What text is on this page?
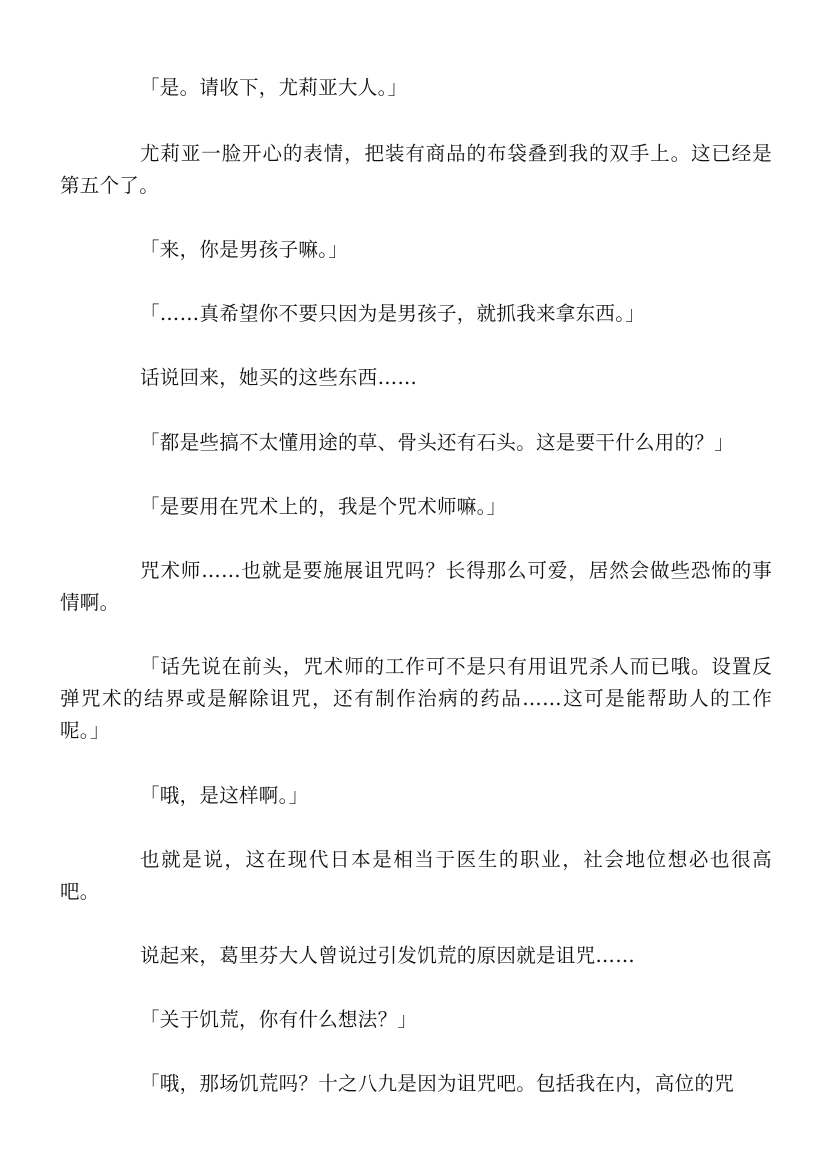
「是。请收下，尤莉亚大人。」

尤莉亚一脸开心的表情，把装有商品的布袋叠到我的双手上。这已经是第五个了。

「来，你是男孩子嘛。」

「……真希望你不要只因为是男孩子，就抓我来拿东西。」

话说回来，她买的这些东西……

「都是些搞不太懂用途的草、骨头还有石头。这是要干什么用的？」

「是要用在咒术上的，我是个咒术师嘛。」

咒术师……也就是要施展诅咒吗？长得那么可爱，居然会做些恐怖的事情啊。

「话先说在前头，咒术师的工作可不是只有用诅咒杀人而已哦。设置反弹咒术的结界或是解除诅咒，还有制作治病的药品……这可是能帮助人的工作呢。」

「哦，是这样啊。」

也就是说，这在现代日本是相当于医生的职业，社会地位想必也很高吧。

说起来，葛里芬大人曾说过引发饥荒的原因就是诅咒……

「关于饥荒，你有什么想法？」

「哦，那场饥荒吗？十之八九是因为诅咒吧。包括我在内，高位的咒
